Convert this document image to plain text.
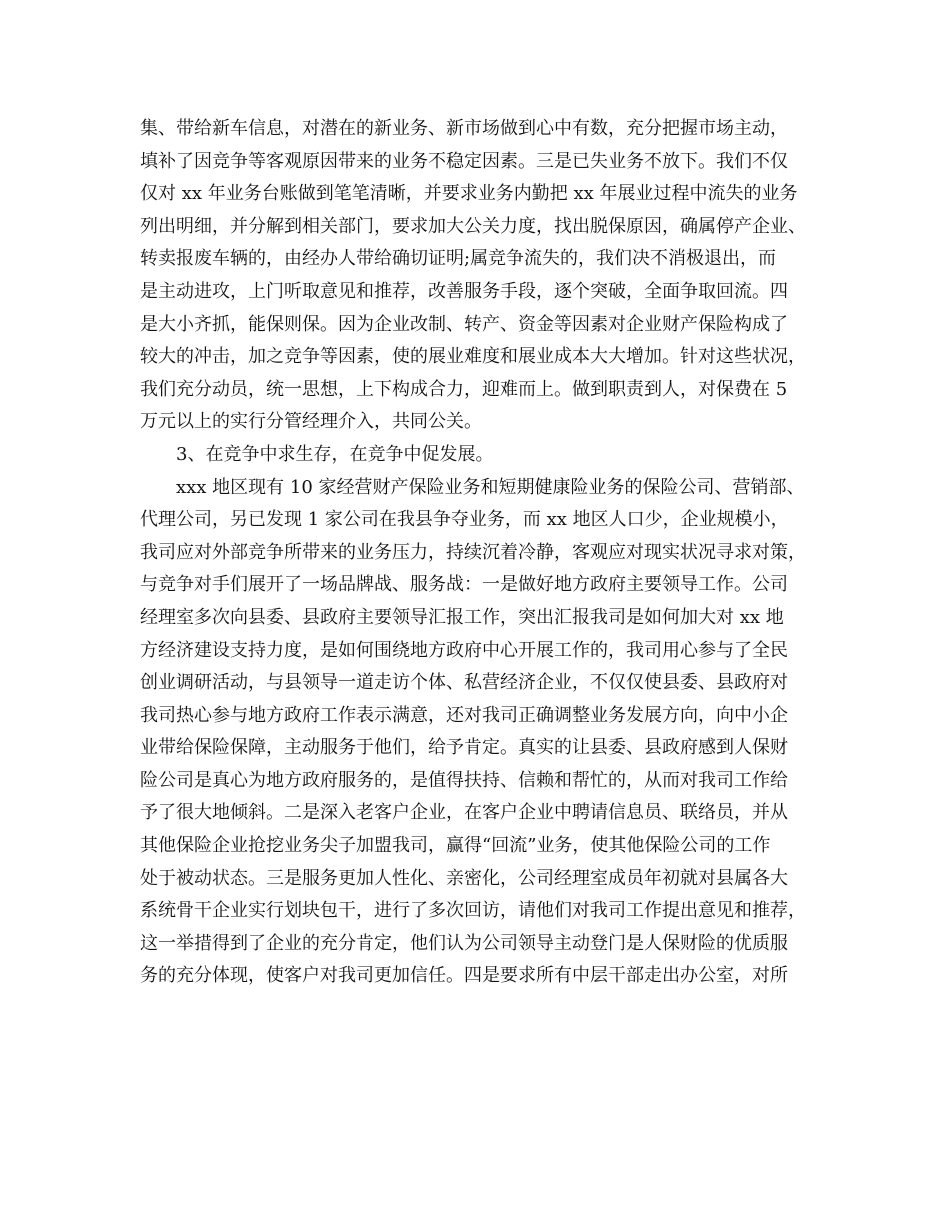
集、带给新车信息，对潜在的新业务、新市场做到心中有数，充分把握市场主动，
填补了因竞争等客观原因带来的业务不稳定因素。三是已失业务不放下。我们不仅
仅对 xx 年业务台账做到笔笔清晰，并要求业务内勤把 xx 年展业过程中流失的业务
列出明细，并分解到相关部门，要求加大公关力度，找出脱保原因，确属停产企业、
转卖报废车辆的，由经办人带给确切证明;属竞争流失的，我们决不消极退出，而
是主动进攻，上门听取意见和推荐，改善服务手段，逐个突破，全面争取回流。四
是大小齐抓，能保则保。因为企业改制、转产、资金等因素对企业财产保险构成了
较大的冲击，加之竞争等因素，使的展业难度和展业成本大大增加。针对这些状况，
我们充分动员，统一思想，上下构成合力，迎难而上。做到职责到人，对保费在 5
万元以上的实行分管经理介入，共同公关。
3、在竞争中求生存，在竞争中促发展。
xxx 地区现有 10 家经营财产保险业务和短期健康险业务的保险公司、营销部、
代理公司，另已发现 1 家公司在我县争夺业务，而 xx 地区人口少，企业规模小，
我司应对外部竞争所带来的业务压力，持续沉着冷静，客观应对现实状况寻求对策，
与竞争对手们展开了一场品牌战、服务战：一是做好地方政府主要领导工作。公司
经理室多次向县委、县政府主要领导汇报工作，突出汇报我司是如何加大对 xx 地
方经济建设支持力度，是如何围绕地方政府中心开展工作的，我司用心参与了全民
创业调研活动，与县领导一道走访个体、私营经济企业，不仅仅使县委、县政府对
我司热心参与地方政府工作表示满意，还对我司正确调整业务发展方向，向中小企
业带给保险保障，主动服务于他们，给予肯定。真实的让县委、县政府感到人保财
险公司是真心为地方政府服务的，是值得扶持、信赖和帮忙的，从而对我司工作给
予了很大地倾斜。二是深入老客户企业，在客户企业中聘请信息员、联络员，并从
其他保险企业抢挖业务尖子加盟我司，赢得“回流”业务，使其他保险公司的工作
处于被动状态。三是服务更加人性化、亲密化，公司经理室成员年初就对县属各大
系统骨干企业实行划块包干，进行了多次回访，请他们对我司工作提出意见和推荐，
这一举措得到了企业的充分肯定，他们认为公司领导主动登门是人保财险的优质服
务的充分体现，使客户对我司更加信任。四是要求所有中层干部走出办公室，对所
